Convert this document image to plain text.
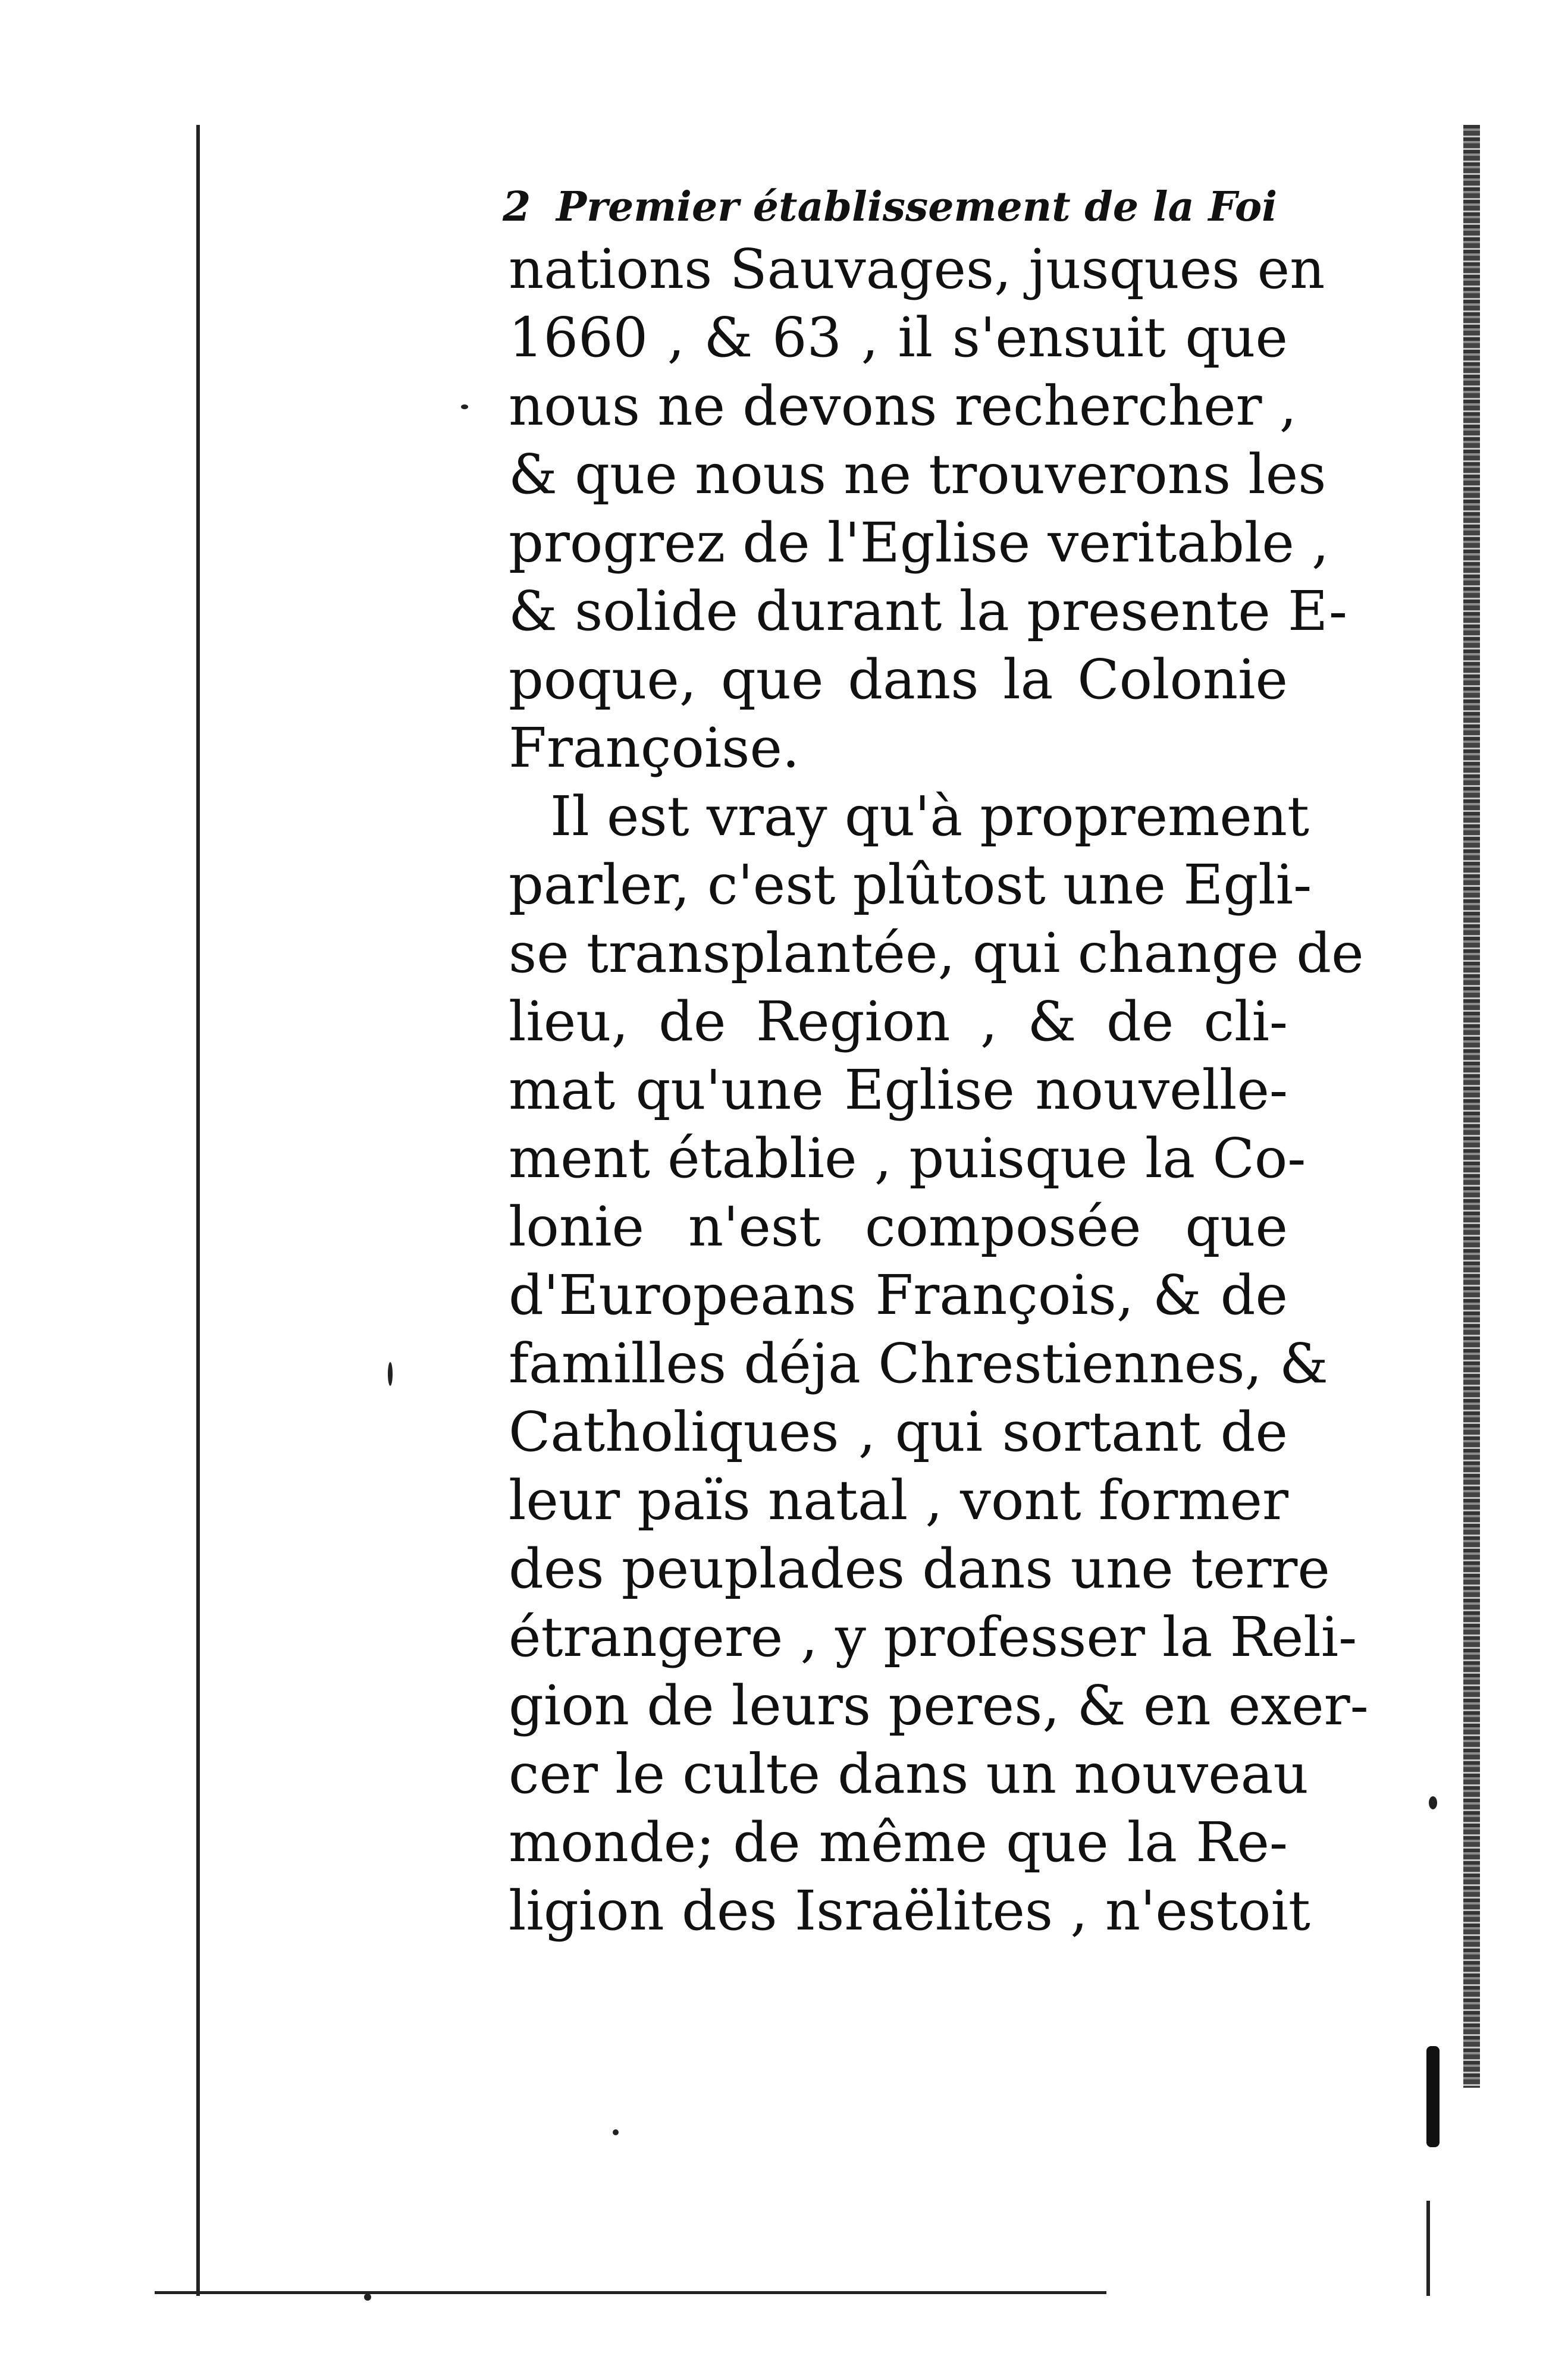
2 Premier établissement de la Foi
nations Sauvages, jusques en
1660 , & 63 , il s'ensuit que
nous ne devons rechercher ,
& que nous ne trouverons les
progrez de l'Eglise veritable ,
& solide durant la presente E-
poque, que dans la Colonie
Françoise.
Il est vray qu'à proprement
parler, c'est plûtost une Egli-
se transplantée, qui change de
lieu, de Region , & de cli-
mat qu'une Eglise nouvelle-
ment établie , puisque la Co-
lonie n'est composée que
d'Europeans François, & de
familles déja Chrestiennes, &
Catholiques , qui sortant de
leur païs natal , vont former
des peuplades dans une terre
étrangere , y professer la Reli-
gion de leurs peres, & en exer-
cer le culte dans un nouveau
monde; de même que la Re-
ligion des Israëlites , n'estoit
